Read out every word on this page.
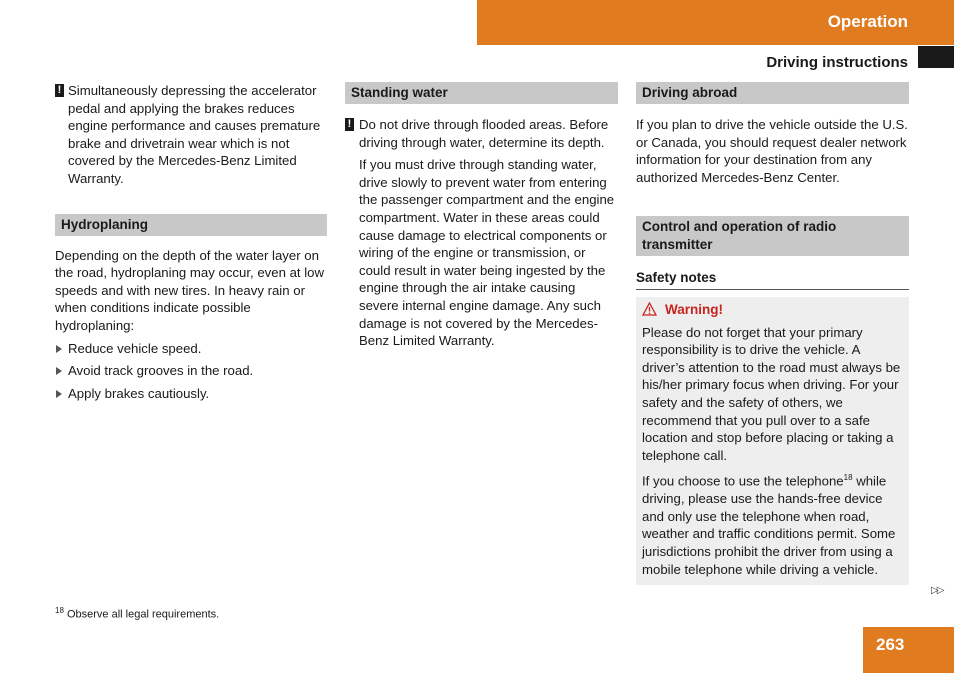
Operation
Driving instructions

! Simultaneously depressing the accelerator pedal and applying the brakes reduces engine performance and causes premature brake and drivetrain wear which is not covered by the Mercedes-Benz Limited Warranty.

Hydroplaning

Depending on the depth of the water layer on the road, hydroplaning may occur, even at low speeds and with new tires. In heavy rain or when conditions indicate possible hydroplaning:

Reduce vehicle speed.

Avoid track grooves in the road.

Apply brakes cautiously.

Standing water

! Do not drive through flooded areas. Before driving through water, determine its depth.

If you must drive through standing water, drive slowly to prevent water from entering the passenger compartment and the engine compartment. Water in these areas could cause damage to electrical components or wiring of the engine or transmission, or could result in water being ingested by the engine through the air intake causing severe internal engine damage. Any such damage is not covered by the Mercedes-Benz Limited Warranty.

Driving abroad

If you plan to drive the vehicle outside the U.S. or Canada, you should request dealer network information for your destination from any authorized Mercedes-Benz Center.

Control and operation of radio transmitter

Safety notes

Warning!

Please do not forget that your primary responsibility is to drive the vehicle. A driver’s attention to the road must always be his/her primary focus when driving. For your safety and the safety of others, we recommend that you pull over to a safe location and stop before placing or taking a telephone call.

If you choose to use the telephone$^{18}$ while driving, please use the hands-free device and only use the telephone when road, weather and traffic conditions permit. Some jurisdictions prohibit the driver from using a mobile telephone while driving a vehicle.

$^{18}$ Observe all legal requirements.
▷▷
263
